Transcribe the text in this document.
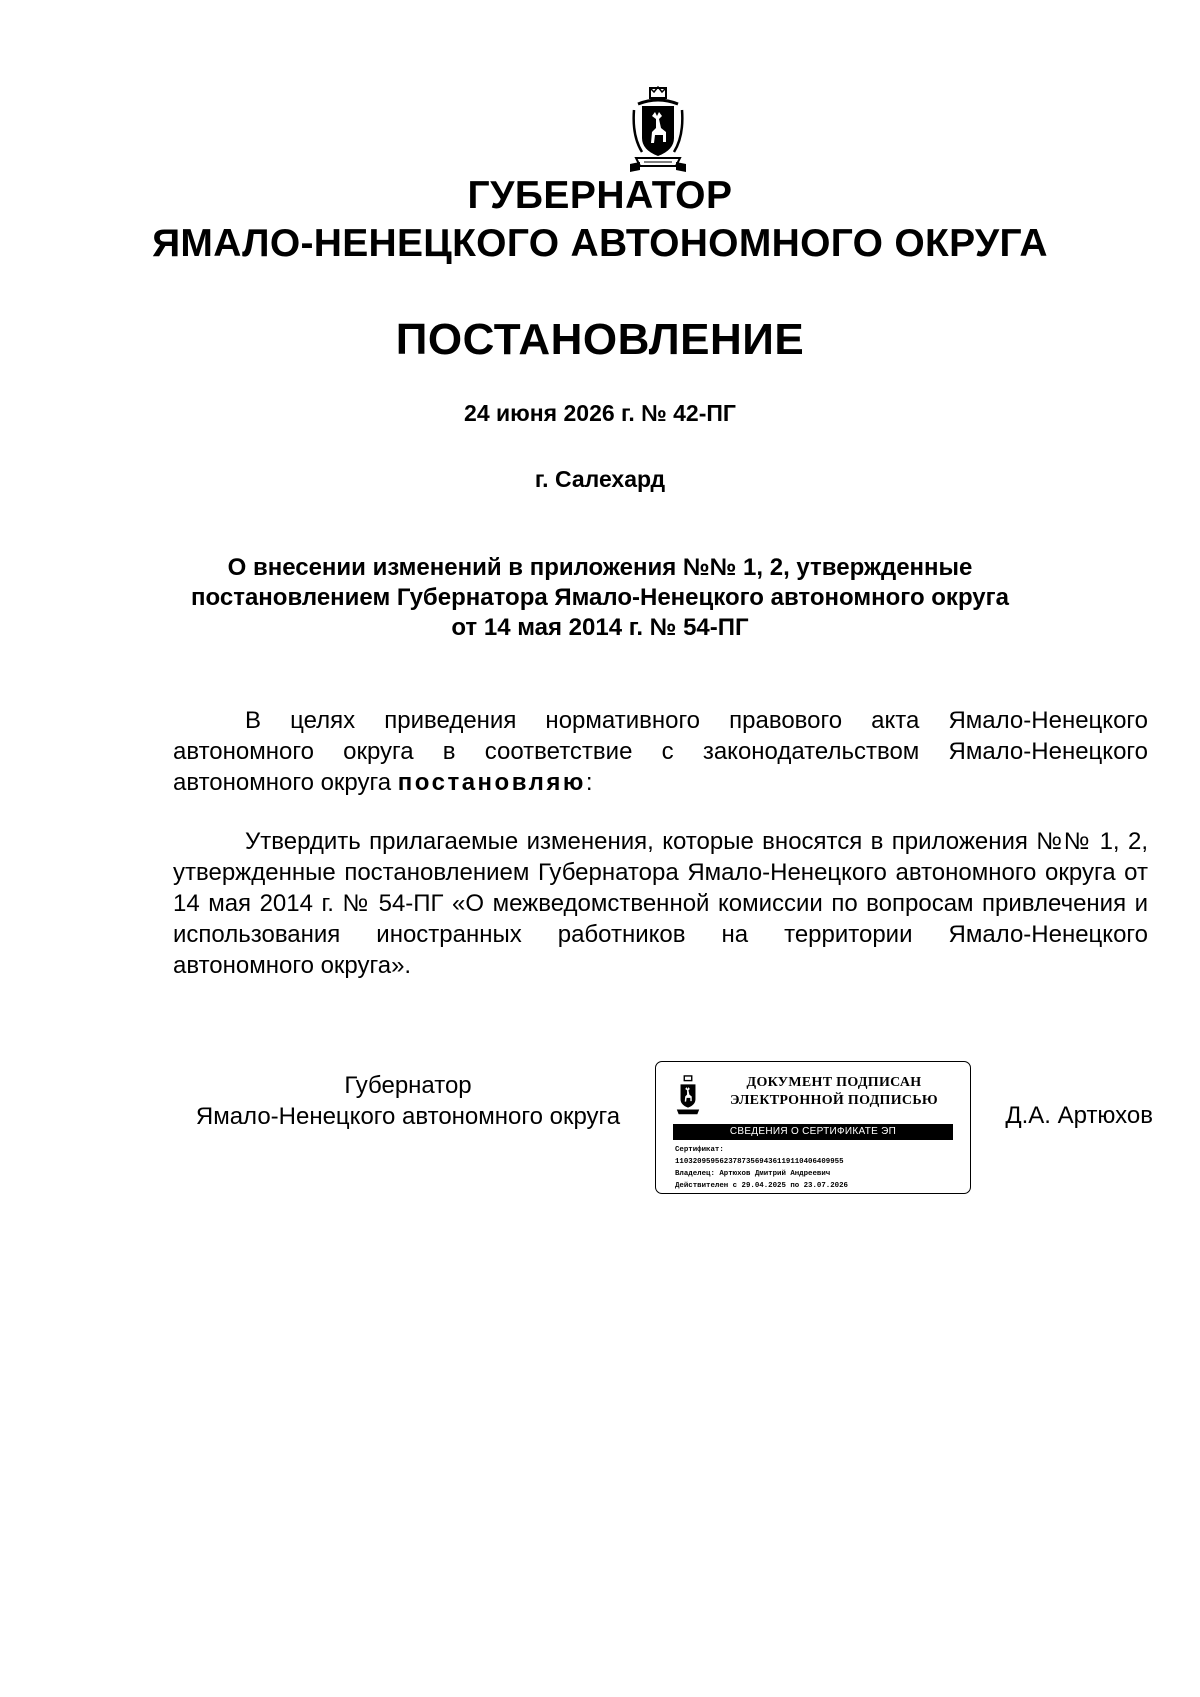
ГУБЕРНАТОР
ЯМАЛО-НЕНЕЦКОГО АВТОНОМНОГО ОКРУГА
ПОСТАНОВЛЕНИЕ
24 июня 2026 г. № 42-ПГ
г. Салехард
О внесении изменений в приложения №№ 1, 2, утвержденные
постановлением Губернатора Ямало-Ненецкого автономного округа
от 14 мая 2014 г. № 54-ПГ
В целях приведения нормативного правового акта Ямало-Ненецкого автономного округа в соответствие с законодательством Ямало-Ненецкого автономного округа постановляю:
Утвердить прилагаемые изменения, которые вносятся в приложения №№ 1, 2, утвержденные постановлением Губернатора Ямало-Ненецкого автономного округа от 14 мая 2014 г. № 54-ПГ «О межведомственной комиссии по вопросам привлечения и использования иностранных работников на территории Ямало-Ненецкого автономного округа».
Губернатор
Ямало-Ненецкого автономного округа
ДОКУМЕНТ ПОДПИСАН
ЭЛЕКТРОННОЙ ПОДПИСЬЮ
СВЕДЕНИЯ О СЕРТИФИКАТЕ ЭП
Сертификат:
11032095956237873569436119110406409955
Владелец: Артюхов Дмитрий Андреевич
Действителен с 29.04.2025 по 23.07.2026
Д.А. Артюхов
